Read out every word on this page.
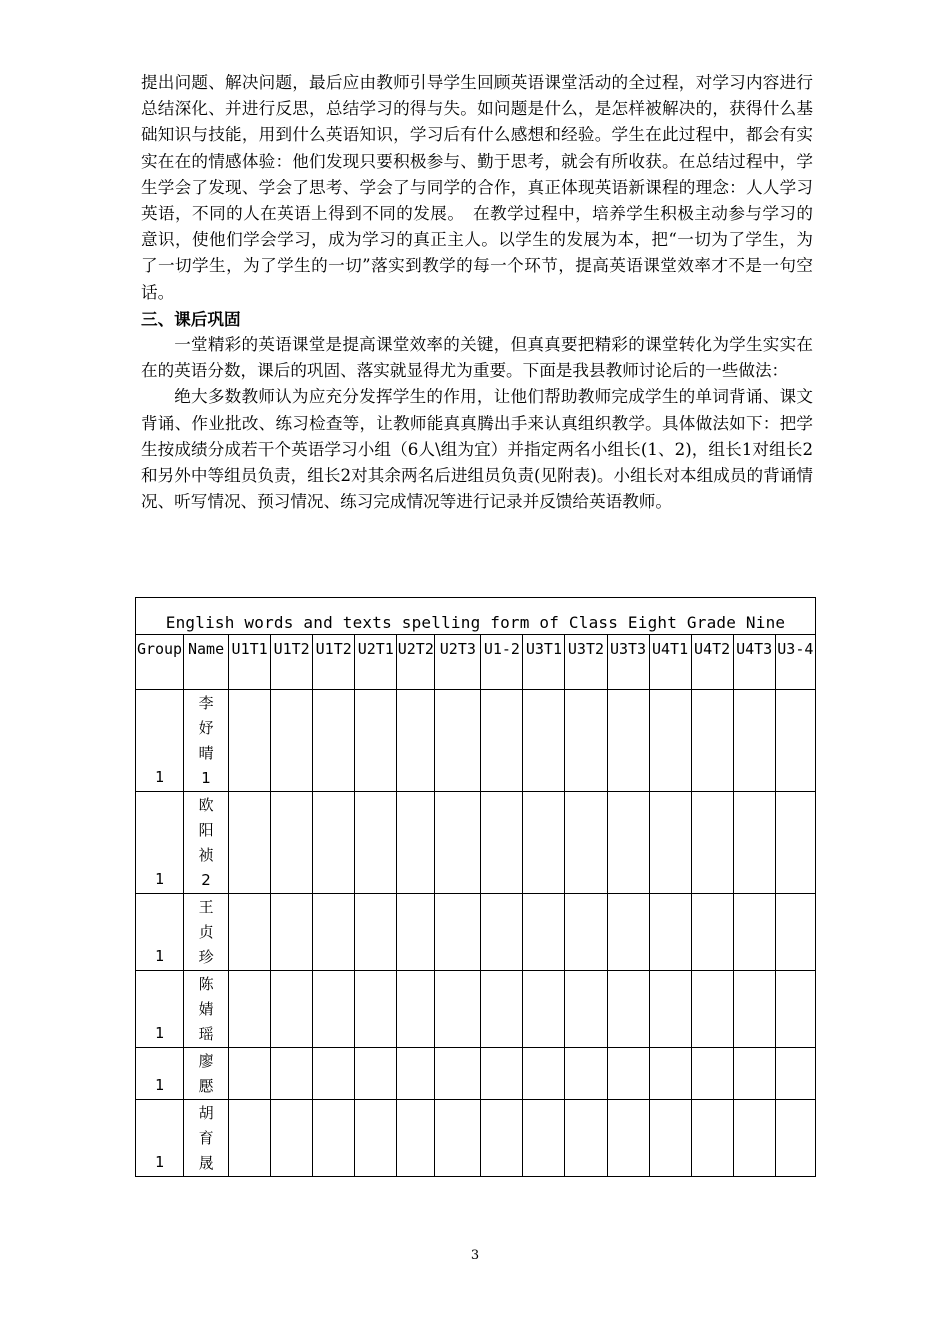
提出问题、解决问题，最后应由教师引导学生回顾英语课堂活动的全过程，对学习内容进行总结深化、并进行反思，总结学习的得与失。如问题是什么，是怎样被解决的，获得什么基础知识与技能，用到什么英语知识，学习后有什么感想和经验。学生在此过程中，都会有实实在在的情感体验：他们发现只要积极参与、勤于思考，就会有所收获。在总结过程中，学生学会了发现、学会了思考、学会了与同学的合作，真正体现英语新课程的理念：人人学习英语，不同的人在英语上得到不同的发展。　在教学过程中，培养学生积极主动参与学习的意识，使他们学会学习，成为学习的真正主人。以学生的发展为本，把“一切为了学生，为了一切学生，为了学生的一切”落实到教学的每一个环节，提高英语课堂效率才不是一句空话。

三、课后巩固

一堂精彩的英语课堂是提高课堂效率的关键，但真真要把精彩的课堂转化为学生实实在在的英语分数，课后的巩固、落实就显得尤为重要。下面是我县教师讨论后的一些做法：

绝大多数教师认为应充分发挥学生的作用，让他们帮助教师完成学生的单词背诵、课文背诵、作业批改、练习检查等，让教师能真真腾出手来认真组织教学。具体做法如下：把学生按成绩分成若干个英语学习小组（6人\组为宜）并指定两名小组长(1、2)，组长1对组长2和另外中等组员负责，组长2对其余两名后进组员负责(见附表)。小组长对本组成员的背诵情况、听写情况、预习情况、练习完成情况等进行记录并反馈给英语教师。

English words and texts spelling form of Class Eight Grade Nine															
Group	Name	U1T1	U1T2	U1T2	U2T1	U2T2	U2T3	U1-2	U3T1	U3T2	U3T3	U4T1	U4T2	U4T3	U3-4
1	李妤晴1														
1	欧阳祯2														
1	王贞珍														
1	陈婧瑶														
1	廖懕														
1	胡育晟														
3
